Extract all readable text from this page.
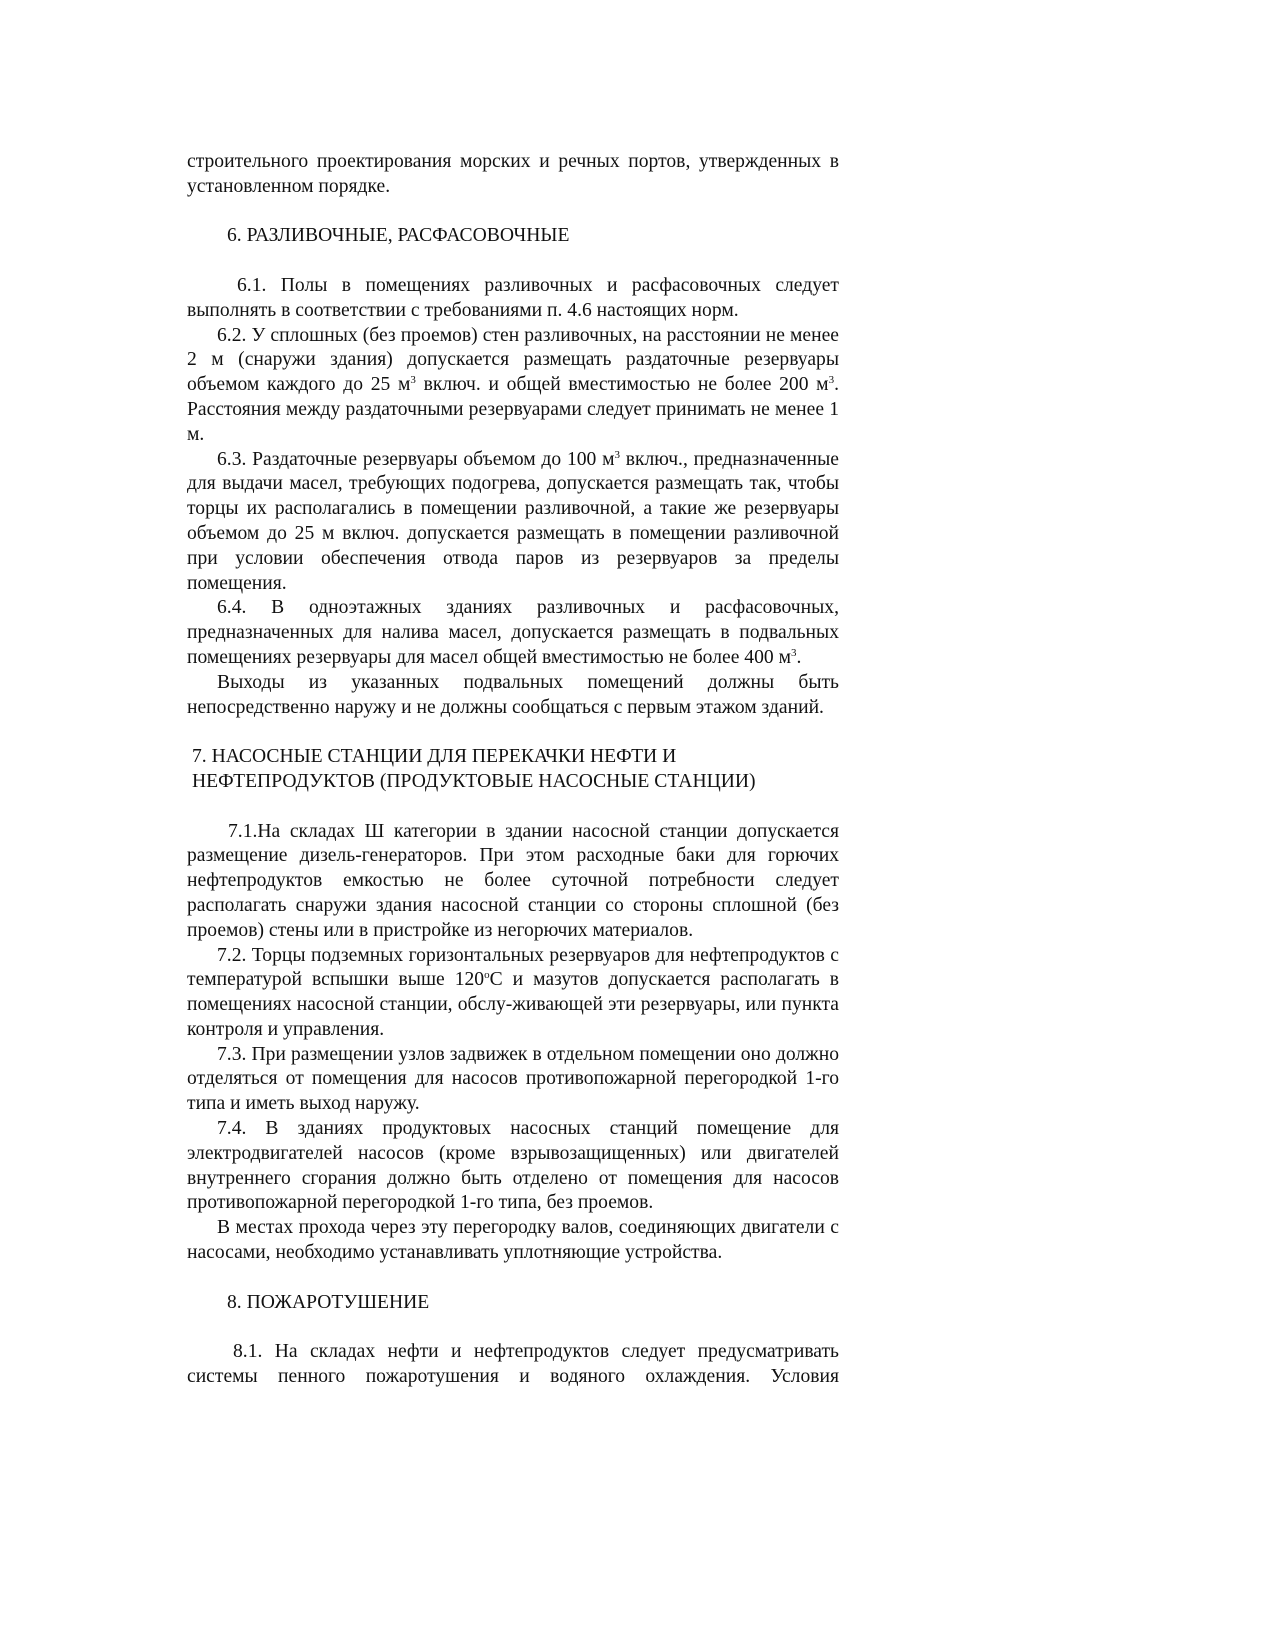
строительного проектирования морских и речных портов, утвержденных в установленном порядке.

6. РАЗЛИВОЧНЫЕ, РАСФАСОВОЧНЫЕ

6.1. Полы в помещениях разливочных и расфасовочных следует выполнять в соответствии с требованиями п. 4.6 настоящих норм.

6.2. У сплошных (без проемов) стен разливочных, на расстоянии не менее 2 м (снаружи здания) допускается размещать раздаточные резервуары объемом каждого до 25 $м^3$ включ. и общей вместимостью не более 200 $м^3$. Расстояния между раздаточными резервуарами следует принимать не менее 1 м.

6.3. Раздаточные резервуары объемом до 100 $м^3$ включ., предназначенные для выдачи масел, требующих подогрева, допускается размещать так, чтобы торцы их располагались в помещении разливочной, а такие же резервуары объемом до 25 м включ. допускается размещать в помещении разливочной при условии обеспечения отвода паров из резервуаров за пределы помещения.

6.4. В одноэтажных зданиях разливочных и расфасовочных, предназначенных для налива масел, допускается размещать в подвальных помещениях резервуары для масел общей вместимостью не более 400 $м^3$.

Выходы из указанных подвальных помещений должны быть непосредственно наружу и не должны сообщаться с первым этажом зданий.

7. НАСОСНЫЕ СТАНЦИИ ДЛЯ ПЕРЕКАЧКИ НЕФТИ И

НЕФТЕПРОДУКТОВ (ПРОДУКТОВЫЕ НАСОСНЫЕ СТАНЦИИ)

7.1.На складах Ш категории в здании насосной станции допускается размещение дизель-генераторов. При этом расходные баки для горючих нефтепродуктов емкостью не более суточной потребности следует располагать снаружи здания насосной станции со стороны сплошной (без проемов) стены или в пристройке из негорючих материалов.

7.2. Торцы подземных горизонтальных резервуаров для нефтепродуктов с температурой вспышки выше $120^оС$ и мазутов допускается располагать в помещениях насосной станции, обслу-живающей эти резервуары, или пункта контроля и управления.

7.3. При размещении узлов задвижек в отдельном помещении оно должно отделяться от помещения для насосов противопожарной перегородкой 1-го типа и иметь выход наружу.

7.4. В зданиях продуктовых насосных станций помещение для электродвигателей насосов (кроме взрывозащищенных) или двигателей внутреннего сгорания должно быть отделено от помещения для насосов противопожарной перегородкой 1-го типа, без проемов.

В местах прохода через эту перегородку валов, соединяющих двигатели с насосами, необходимо устанавливать уплотняющие устройства.

8. ПОЖАРОТУШЕНИЕ

8.1. На складах нефти и нефтепродуктов следует предусматривать системы пенного пожаротушения и водяного охлаждения. Условия
